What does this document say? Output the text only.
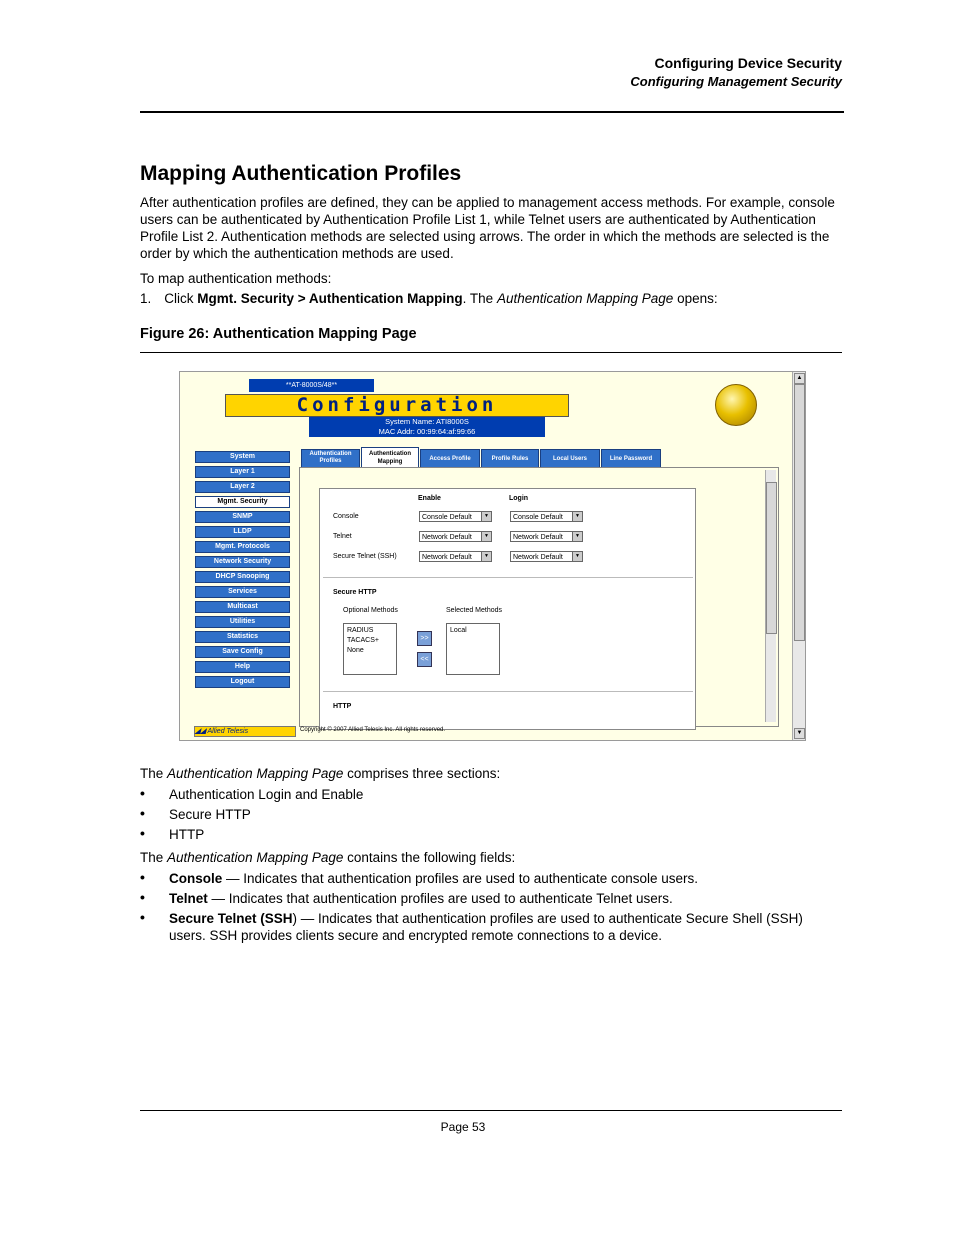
Configuring Device Security
Configuring Management Security
Mapping Authentication Profiles
After authentication profiles are defined, they can be applied to management access methods. For example, console users can be authenticated by Authentication Profile List 1, while Telnet users are authenticated by Authentication Profile List 2. Authentication methods are selected using arrows. The order in which the methods are selected is the order by which the authentication methods are used.
To map authentication methods:
1. Click Mgmt. Security > Authentication Mapping. The Authentication Mapping Page opens:
Figure 26: Authentication Mapping Page
**AT-8000S/48**
Configuration
System Name: ATI8000S
MAC Addr: 00:99:64:af:99:66
System
Layer 1
Layer 2
Mgmt. Security
SNMP
LLDP
Mgmt. Protocols
Network Security
DHCP Snooping
Services
Multicast
Utilities
Statistics
Save Config
Help
Logout
Authentication
Profiles
Authentication
Mapping	Access Profile	Profile Rules	Local Users	Line Password
Enable	Login
Console	Console Default	▼	Console Default	▼
Telnet	Network Default	▼	Network Default	▼
Secure Telnet (SSH)	Network Default	▼	Network Default	▼
Secure HTTP
Optional Methods	Selected Methods
RADIUS
TACACS+
None
>>
<<
Local
HTTP
◢◢ Allied Telesis	Copyright © 2007 Allied Telesis Inc. All rights reserved.
▲
▼
The Authentication Mapping Page comprises three sections:
• Authentication Login and Enable
• Secure HTTP
• HTTP
The Authentication Mapping Page contains the following fields:
• Console — Indicates that authentication profiles are used to authenticate console users.
• Telnet — Indicates that authentication profiles are used to authenticate Telnet users.
• Secure Telnet (SSH) — Indicates that authentication profiles are used to authenticate Secure Shell (SSH) users. SSH provides clients secure and encrypted remote connections to a device.
Page 53
